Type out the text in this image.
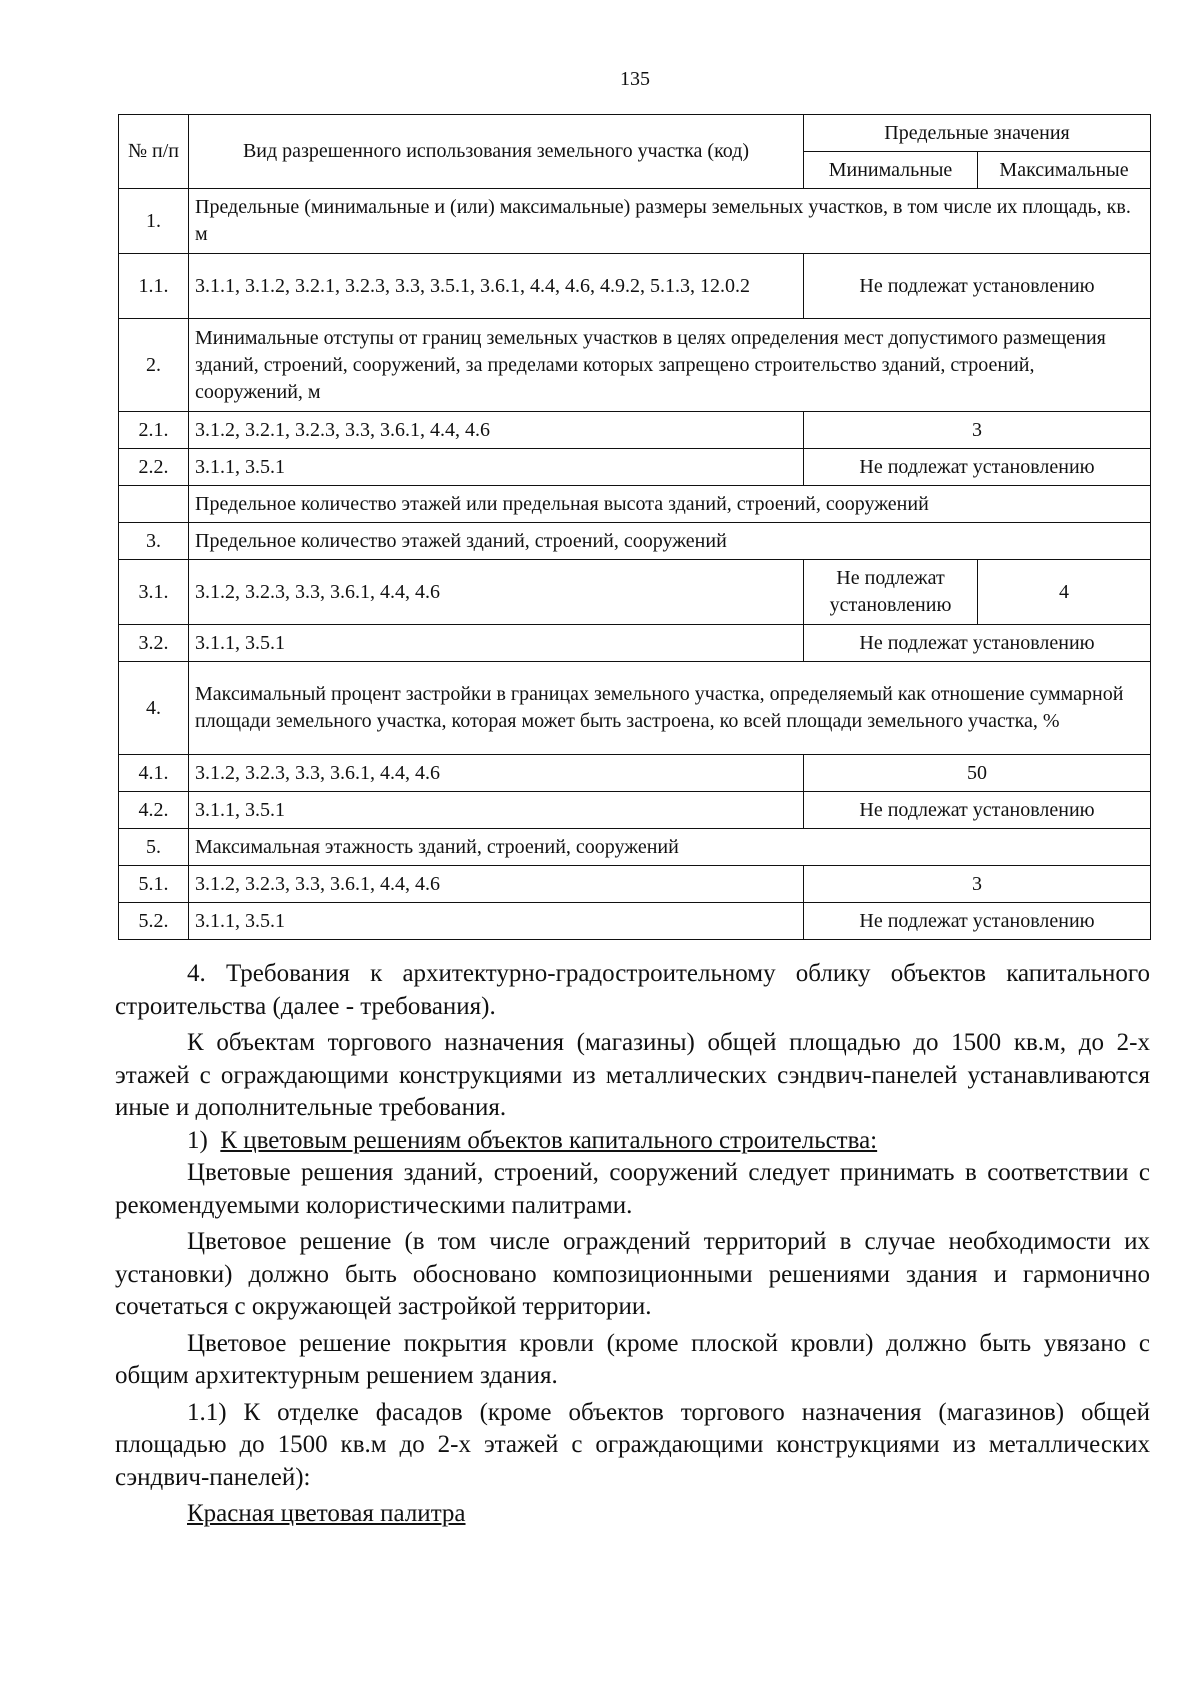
135
№ п/п	Вид разрешенного использования земельного участка (код)	Предельные значения	
		Минимальные	Максимальные
1.	Предельные (минимальные и (или) максимальные) размеры земельных участков, в том числе их площадь, кв. м		
1.1.	3.1.1, 3.1.2, 3.2.1, 3.2.3, 3.3, 3.5.1, 3.6.1, 4.4, 4.6, 4.9.2, 5.1.3, 12.0.2	Не подлежат установлению	
2.	Минимальные отступы от границ земельных участков в целях определения мест допустимого размещения зданий, строений, сооружений, за пределами которых запрещено строительство зданий, строений, сооружений, м		
2.1.	3.1.2, 3.2.1, 3.2.3, 3.3, 3.6.1, 4.4, 4.6	3	
2.2.	3.1.1, 3.5.1	Не подлежат установлению	
	Предельное количество этажей или предельная высота зданий, строений, сооружений		
3.	Предельное количество этажей зданий, строений, сооружений		
3.1.	3.1.2, 3.2.3, 3.3, 3.6.1, 4.4, 4.6	Не подлежат установлению	4
3.2.	3.1.1, 3.5.1	Не подлежат установлению	
4.	Максимальный процент застройки в границах земельного участка, определяемый как отношение суммарной площади земельного участка, которая может быть застроена, ко всей площади земельного участка, %		
4.1.	3.1.2, 3.2.3, 3.3, 3.6.1, 4.4, 4.6	50	
4.2.	3.1.1, 3.5.1	Не подлежат установлению	
5.	Максимальная этажность зданий, строений, сооружений		
5.1.	3.1.2, 3.2.3, 3.3, 3.6.1, 4.4, 4.6	3	
5.2.	3.1.1, 3.5.1	Не подлежат установлению	

4. Требования к архитектурно-градостроительному облику объектов капитального строительства (далее - требования).

К объектам торгового назначения (магазины) общей площадью до 1500 кв.м, до 2-х этажей с ограждающими конструкциями из металлических сэндвич-панелей устанавливаются иные и дополнительные требования.

1) К цветовым решениям объектов капитального строительства:

Цветовые решения зданий, строений, сооружений следует принимать в соответствии с рекомендуемыми колористическими палитрами.

Цветовое решение (в том числе ограждений территорий в случае необходимости их установки) должно быть обосновано композиционными решениями здания и гармонично сочетаться с окружающей застройкой территории.

Цветовое решение покрытия кровли (кроме плоской кровли) должно быть увязано с общим архитектурным решением здания.

1.1) К отделке фасадов (кроме объектов торгового назначения (магазинов) общей площадью до 1500 кв.м до 2-х этажей с ограждающими конструкциями из металлических сэндвич-панелей):

Красная цветовая палитра
